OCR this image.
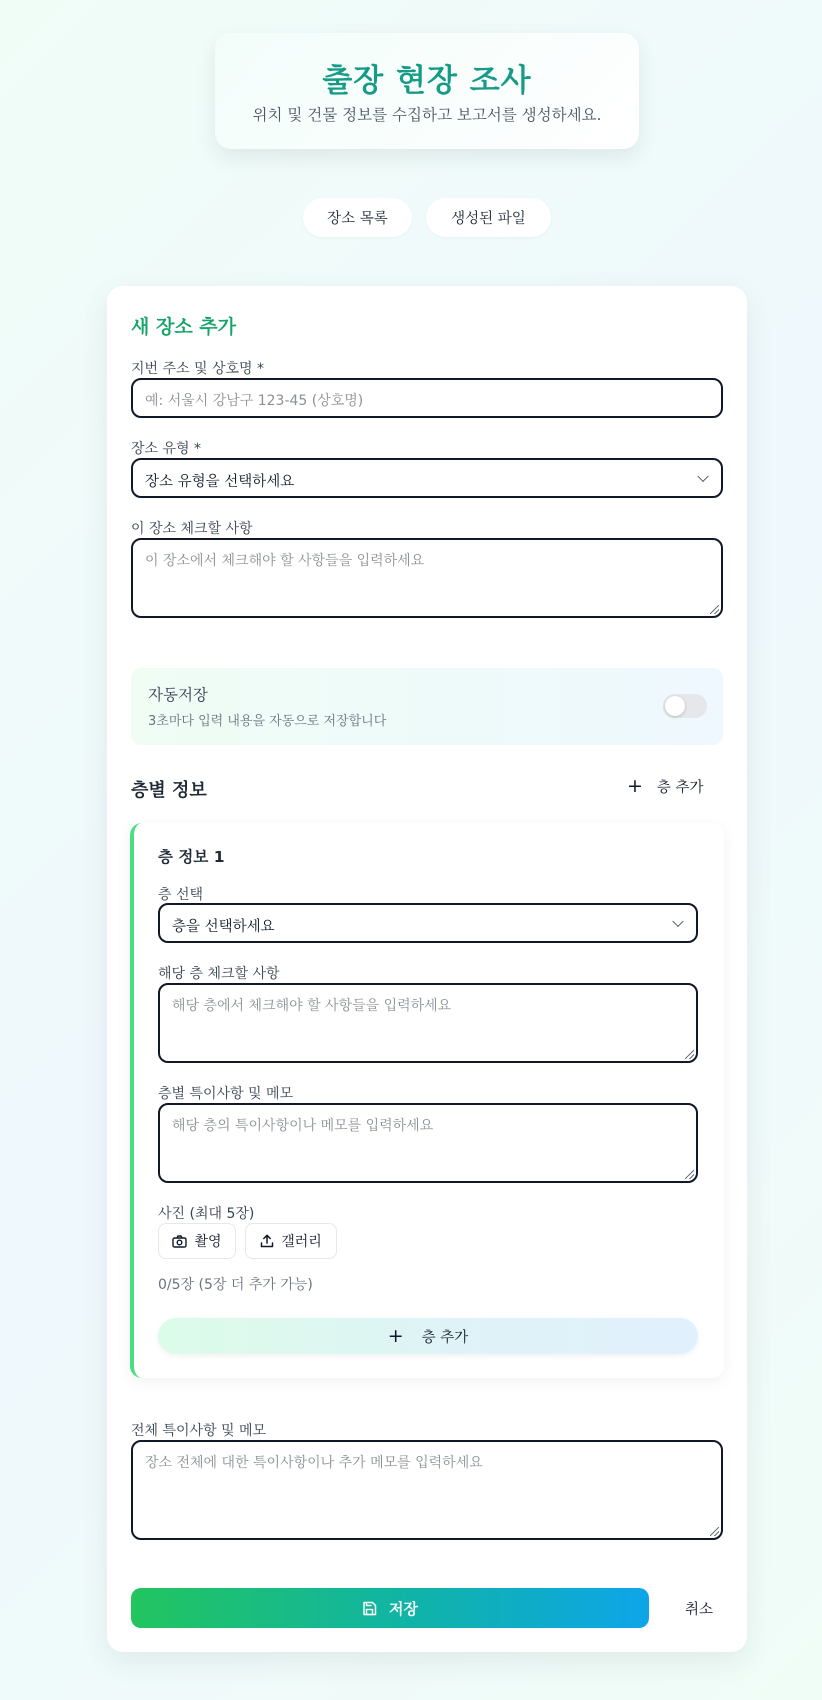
출장 현장 조사
위치 및 건물 정보를 수집하고 보고서를 생성하세요.
장소 목록	생성된 파일
새 장소 추가
지번 주소 및 상호명 *
예: 서울시 강남구 123-45 (상호명)
장소 유형 *
장소 유형을 선택하세요
이 장소 체크할 사항
이 장소에서 체크해야 할 사항들을 입력하세요
자동저장
3초마다 입력 내용을 자동으로 저장합니다
층별 정보	+ 층 추가
층 정보 1
층 선택
층을 선택하세요
해당 층 체크할 사항
해당 층에서 체크해야 할 사항들을 입력하세요
층별 특이사항 및 메모
해당 층의 특이사항이나 메모를 입력하세요
사진 (최대 5장)
촬영	갤러리
0/5장 (5장 더 추가 가능)
+ 층 추가
전체 특이사항 및 메모
장소 전체에 대한 특이사항이나 추가 메모를 입력하세요
저장	취소
